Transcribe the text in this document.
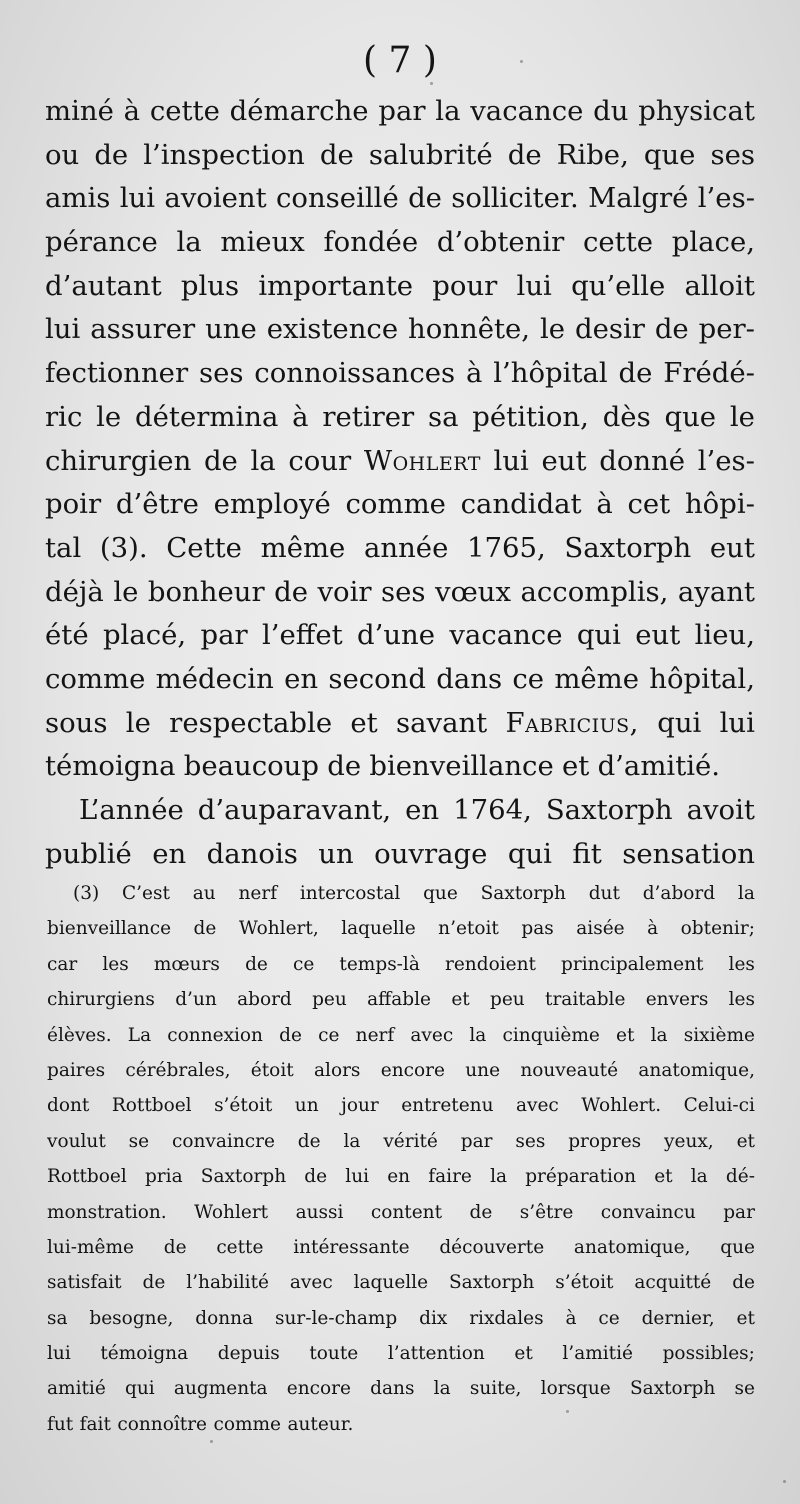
( 7 )
miné à cette démarche par la vacance du physicat
ou de l’inspection de salubrité de Ribe, que ses
amis lui avoient conseillé de solliciter. Malgré l’es-
pérance la mieux fondée d’obtenir cette place,
d’autant plus importante pour lui qu’elle alloit
lui assurer une existence honnête, le desir de per-
fectionner ses connoissances à l’hôpital de Frédé-
ric le détermina à retirer sa pétition, dès que le
chirurgien de la cour Wohlert lui eut donné l’es-
poir d’être employé comme candidat à cet hôpi-
tal (3). Cette même année 1765, Saxtorph eut
déjà le bonheur de voir ses vœux accomplis, ayant
été placé, par l’effet d’une vacance qui eut lieu,
comme médecin en second dans ce même hôpital,
sous le respectable et savant Fabricius, qui lui
témoigna beaucoup de bienveillance et d’amitié.
L’année d’auparavant, en 1764, Saxtorph avoit
publié en danois un ouvrage qui fit sensation
(3) C’est au nerf intercostal que Saxtorph dut d’abord la
bienveillance de Wohlert, laquelle n’etoit pas aisée à obtenir;
car les mœurs de ce temps-là rendoient principalement les
chirurgiens d’un abord peu affable et peu traitable envers les
élèves. La connexion de ce nerf avec la cinquième et la sixième
paires cérébrales, étoit alors encore une nouveauté anatomique,
dont Rottboel s’étoit un jour entretenu avec Wohlert. Celui-ci
voulut se convaincre de la vérité par ses propres yeux, et
Rottboel pria Saxtorph de lui en faire la préparation et la dé-
monstration. Wohlert aussi content de s’être convaincu par
lui-même de cette intéressante découverte anatomique, que
satisfait de l’habilité avec laquelle Saxtorph s’étoit acquitté de
sa besogne, donna sur-le-champ dix rixdales à ce dernier, et
lui témoigna depuis toute l’attention et l’amitié possibles;
amitié qui augmenta encore dans la suite, lorsque Saxtorph se
fut fait connoître comme auteur.
